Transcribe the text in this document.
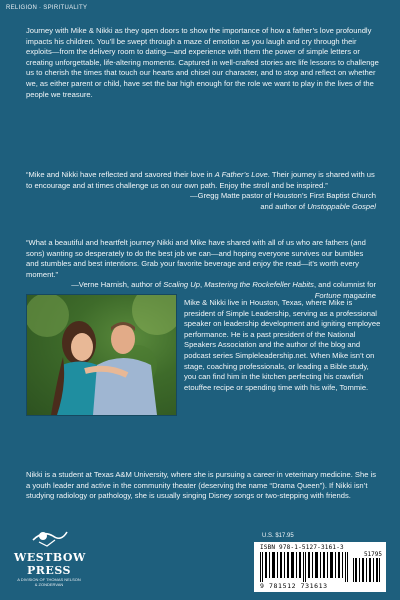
RELIGION · SPIRITUALITY

Journey with Mike & Nikki as they open doors to show the importance of how a father’s love profoundly impacts his children. You’ll be swept through a maze of emotion as you laugh and cry through their exploits—from the delivery room to dating—and experience with them the power of simple letters or creating unforgettable, life-altering moments. Captured in well-crafted stories are life lessons to challenge us to cherish the times that touch our hearts and chisel our character, and to stop and reflect on whether we, as either parent or child, have set the bar high enough for the role we want to play in the lives of the people we treasure.

“Mike and Nikki have reflected and savored their love in A Father’s Love. Their journey is shared with us to encourage and at times challenge us on our own path. Enjoy the stroll and be inspired.”
—Gregg Matte pastor of Houston’s First Baptist Church
and author of Unstoppable Gospel

“What a beautiful and heartfelt journey Nikki and Mike have shared with all of us who are fathers (and sons) wanting so desperately to do the best job we can—and hoping everyone survives our bumbles and stumbles and best intentions. Grab your favorite beverage and enjoy the read—it’s worth every moment.”
—Verne Harnish, author of Scaling Up, Mastering the Rockefeller Habits, and columnist for Fortune magazine

Mike & Nikki live in Houston, Texas, where Mike is president of Simple Leadership, serving as a professional speaker on leadership development and igniting employee performance. He is a past president of the National Speakers Association and the author of the blog and podcast series Simpleleadership.net. When Mike isn’t on stage, coaching professionals, or leading a Bible study, you can find him in the kitchen perfecting his crawfish etouffee recipe or spending time with his wife, Tommie.

Nikki is a student at Texas A&M University, where she is pursuing a career in veterinary medicine. She is a youth leader and active in the community theater (deserving the name “Drama Queen”). If Nikki isn’t studying radiology or pathology, she is usually singing Disney songs or two-stepping with friends.

WESTBOW PRESS
A DIVISION OF THOMAS NELSON
& ZONDERVAN
U.S. $17.95
ISBN 978-1-5127-3161-3
51795
9 781512 731613
